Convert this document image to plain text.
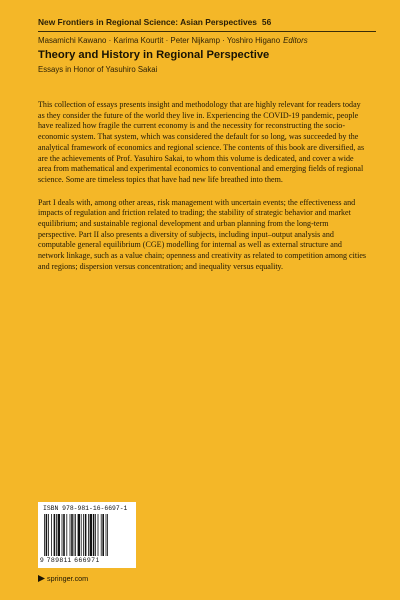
New Frontiers in Regional Science: Asian Perspectives 56
Masamichi Kawano · Karima Kourtit · Peter Nijkamp · Yoshiro Higano Editors
Theory and History in Regional Perspective
Essays in Honor of Yasuhiro Sakai

This collection of essays presents insight and methodology that are highly relevant for readers today as they consider the future of the world they live in. Experiencing the COVID-19 pandemic, people have realized how fragile the current economy is and the necessity for reconstructing the socio-economic system. That system, which was considered the default for so long, was succeeded by the analytical framework of economics and regional science. The contents of this book are diversified, as are the achievements of Prof. Yasuhiro Sakai, to whom this volume is dedicated, and cover a wide area from mathematical and experimental economics to conventional and emerging fields of regional science. Some are timeless topics that have had new life breathed into them.

Part I deals with, among other areas, risk management with uncertain events; the effectiveness and impacts of regulation and friction related to trading; the stability of strategic behavior and market equilibrium; and sustainable regional development and urban planning from the long-term perspective. Part II also presents a diversity of subjects, including input–output analysis and computable general equilibrium (CGE) modelling for internal as well as external structure and network linkage, such as a value chain; openness and creativity as related to competition among cities and regions; dispersion versus concentration; and inequality versus equality.

ISBN 978-981-16-6697-1
9 789811 666971
springer.com
